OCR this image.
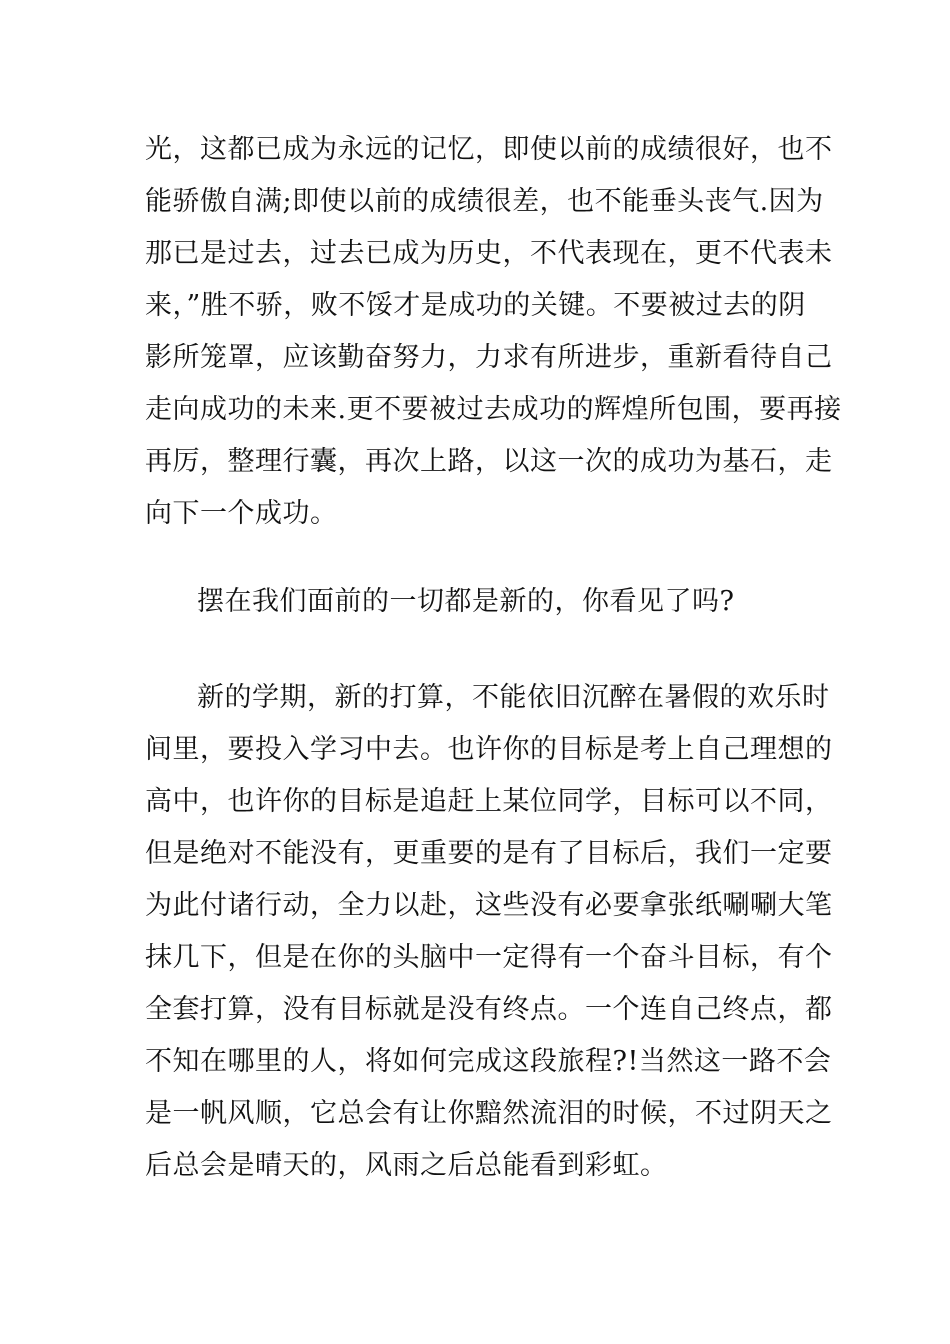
光，这都已成为永远的记忆，即使以前的成绩很好，也不
能骄傲自满;即使以前的成绩很差，也不能垂头丧气.因为
那已是过去，过去已成为历史，不代表现在，更不代表未
来，”胜不骄，败不馁才是成功的关键。不要被过去的阴
影所笼罩，应该勤奋努力，力求有所进步，重新看待自己
走向成功的未来.更不要被过去成功的辉煌所包围，要再接
再厉，整理行囊，再次上路，以这一次的成功为基石，走
向下一个成功。
摆在我们面前的一切都是新的，你看见了吗?
新的学期，新的打算，不能依旧沉醉在暑假的欢乐时
间里，要投入学习中去。也许你的目标是考上自己理想的
高中，也许你的目标是追赶上某位同学，目标可以不同，
但是绝对不能没有，更重要的是有了目标后，我们一定要
为此付诸行动，全力以赴，这些没有必要拿张纸唰唰大笔
抹几下，但是在你的头脑中一定得有一个奋斗目标，有个
全套打算，没有目标就是没有终点。一个连自己终点，都
不知在哪里的人，将如何完成这段旅程?!当然这一路不会
是一帆风顺，它总会有让你黯然流泪的时候，不过阴天之
后总会是晴天的，风雨之后总能看到彩虹。
